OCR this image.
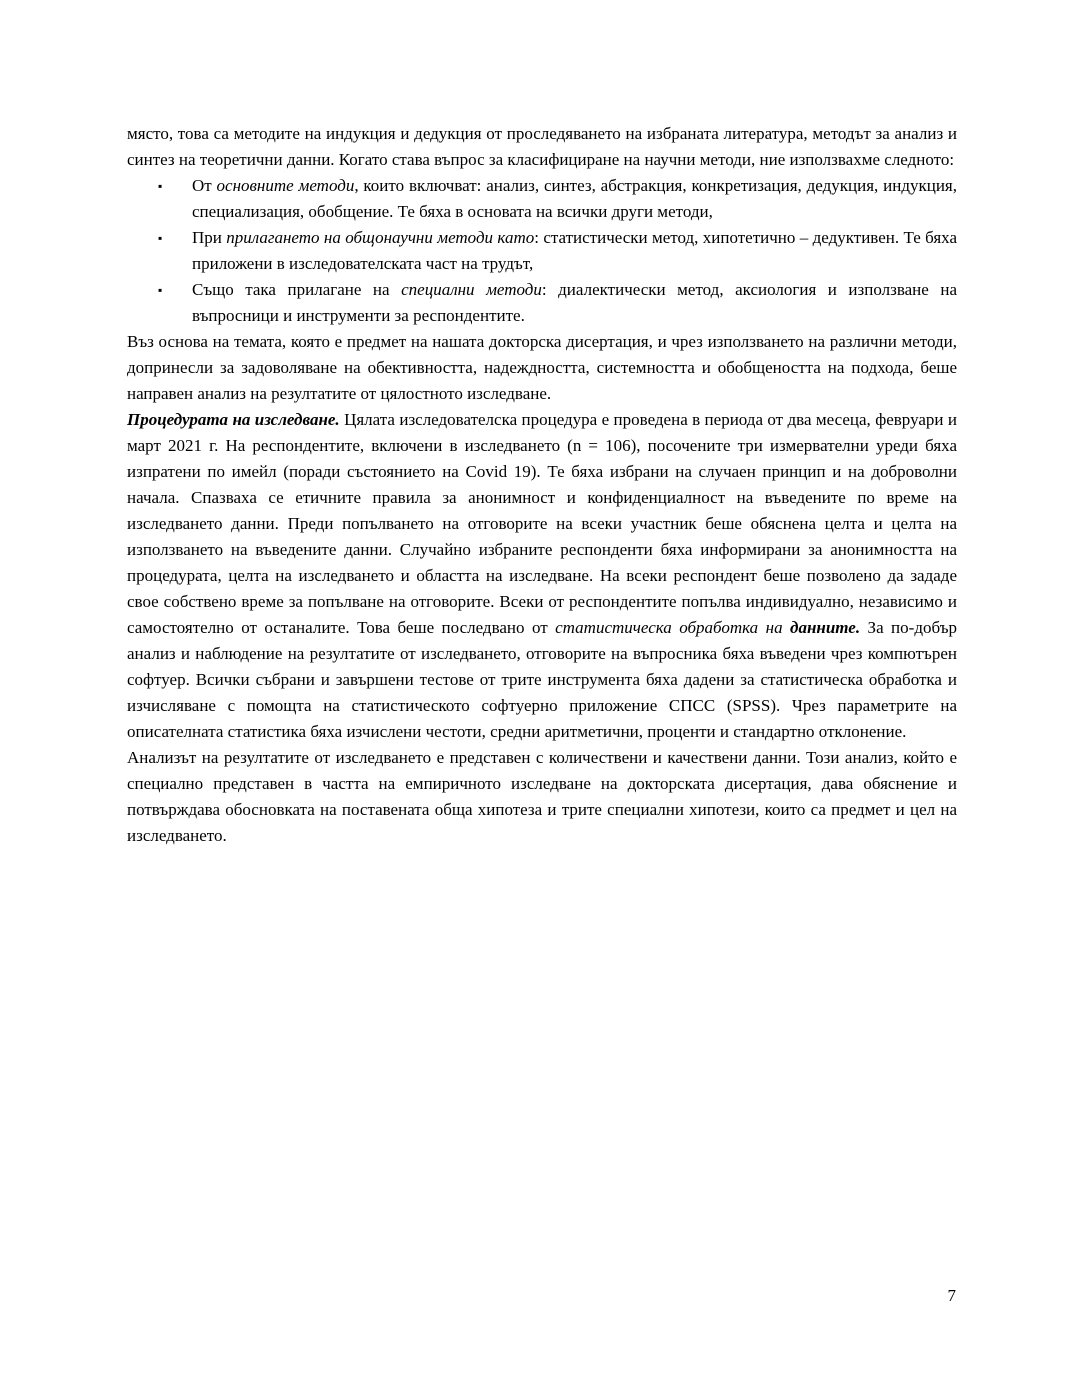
място, това са методите на индукция и дедукция от проследяването на избраната литература, методът за анализ и синтез на теоретични данни. Когато става въпрос за класифициране на научни методи, ние използвахме следното:

▪ От основните методи, които включват: анализ, синтез, абстракция, конкретизация, дедукция, индукция, специализация, обобщение. Те бяха в основата на всички други методи,
▪ При прилагането на общонаучни методи като: статистически метод, хипотетично – дедуктивен. Те бяха приложени в изследователската част на трудът,
▪ Също така прилагане на специални методи: диалектически метод, аксиология и използване на въпросници и инструменти за респондентите.

Въз основа на темата, която е предмет на нашата докторска дисертация, и чрез използването на различни методи, допринесли за задоволяване на обективността, надеждността, системността и обобщеността на подхода, беше направен анализ на резултатите от цялостното изследване.

Процедурата на изследване. Цялата изследователска процедура е проведена в периода от два месеца, февруари и март 2021 г. На респондентите, включени в изследването (n = 106), посочените три измервателни уреди бяха изпратени по имейл (поради състоянието на Covid 19). Те бяха избрани на случаен принцип и на доброволни начала. Спазваха се етичните правила за анонимност и конфиденциалност на въведените по време на изследването данни. Преди попълването на отговорите на всеки участник беше обяснена целта и целта на използването на въведените данни. Случайно избраните респонденти бяха информирани за анонимността на процедурата, целта на изследването и областта на изследване. На всеки респондент беше позволено да зададе свое собствено време за попълване на отговорите. Всеки от респондентите попълва индивидуално, независимо и самостоятелно от останалите. Това беше последвано от статистическа обработка на данните. За по-добър анализ и наблюдение на резултатите от изследването, отговорите на въпросника бяха въведени чрез компютърен софтуер. Всички събрани и завършени тестове от трите инструмента бяха дадени за статистическа обработка и изчисляване с помощта на статистическото софтуерно приложение СПСС (SPSS). Чрез параметрите на описателната статистика бяха изчислени честоти, средни аритметични, проценти и стандартно отклонение.

Анализът на резултатите от изследването е представен с количествени и качествени данни. Този анализ, който е специално представен в частта на емпиричното изследване на докторската дисертация, дава обяснение и потвърждава обосновката на поставената обща хипотеза и трите специални хипотези, които са предмет и цел на изследването.

7
